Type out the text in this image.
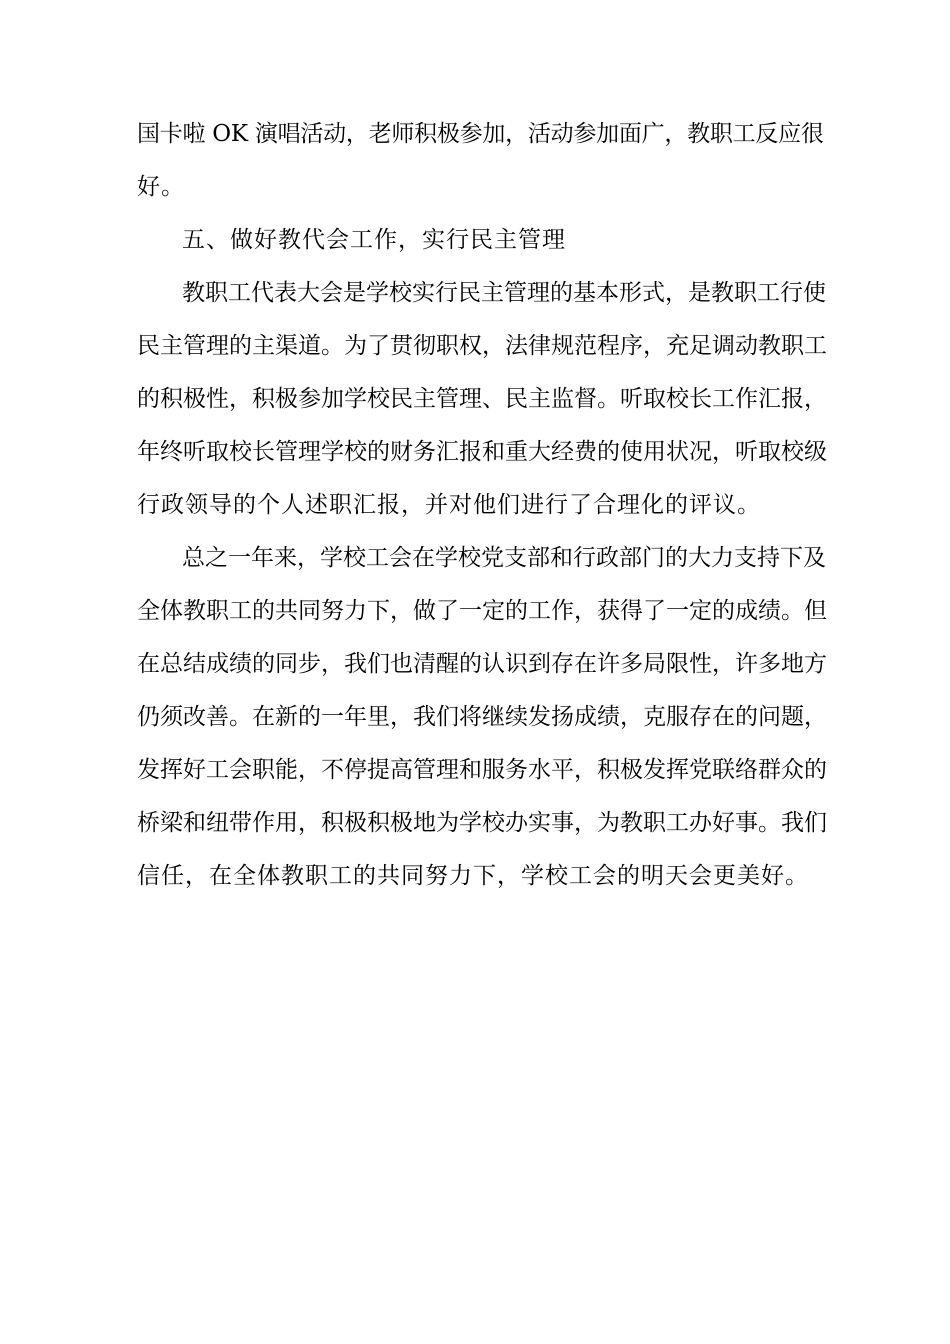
国卡啦 OK 演唱活动，老师积极参加，活动参加面广，教职工反应很
好。
五、做好教代会工作，实行民主管理
教职工代表大会是学校实行民主管理的基本形式，是教职工行使
民主管理的主渠道。为了贯彻职权，法律规范程序，充足调动教职工
的积极性，积极参加学校民主管理、民主监督。听取校长工作汇报，
年终听取校长管理学校的财务汇报和重大经费的使用状况，听取校级
行政领导的个人述职汇报，并对他们进行了合理化的评议。
总之一年来，学校工会在学校党支部和行政部门的大力支持下及
全体教职工的共同努力下，做了一定的工作，获得了一定的成绩。但
在总结成绩的同步，我们也清醒的认识到存在许多局限性，许多地方
仍须改善。在新的一年里，我们将继续发扬成绩，克服存在的问题，
发挥好工会职能，不停提高管理和服务水平，积极发挥党联络群众的
桥梁和纽带作用，积极积极地为学校办实事，为教职工办好事。我们
信任，在全体教职工的共同努力下，学校工会的明天会更美好。
